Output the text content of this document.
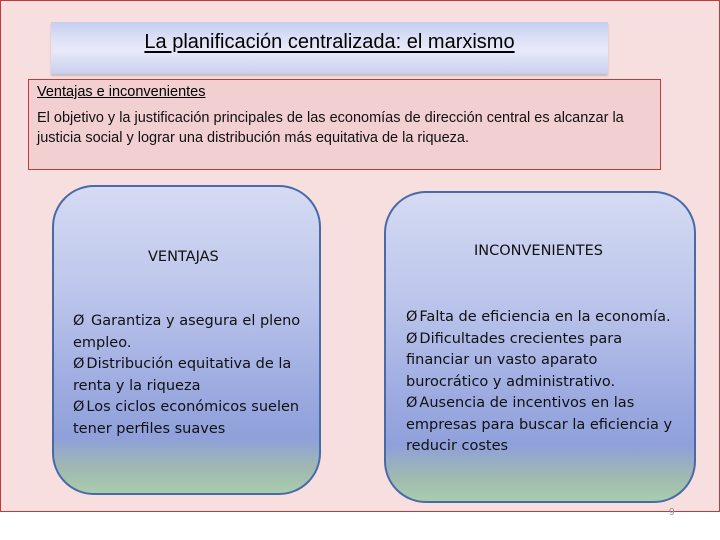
La planificación centralizada: el marxismo
Ventajas e inconvenientes
El objetivo y la justificación principales de las economías de dirección central es alcanzar la justicia social y lograr una distribución más equitativa de la riqueza.
VENTAJAS
Ø Garantiza y asegura el pleno empleo.
Ø Distribución equitativa de la renta y la riqueza
Ø Los ciclos económicos suelen tener perfiles suaves
INCONVENIENTES
Ø Falta de eficiencia en la economía.
Ø Dificultades crecientes para financiar un vasto aparato burocrático y administrativo.
Ø Ausencia de incentivos en las empresas para buscar la eficiencia y reducir costes
9
